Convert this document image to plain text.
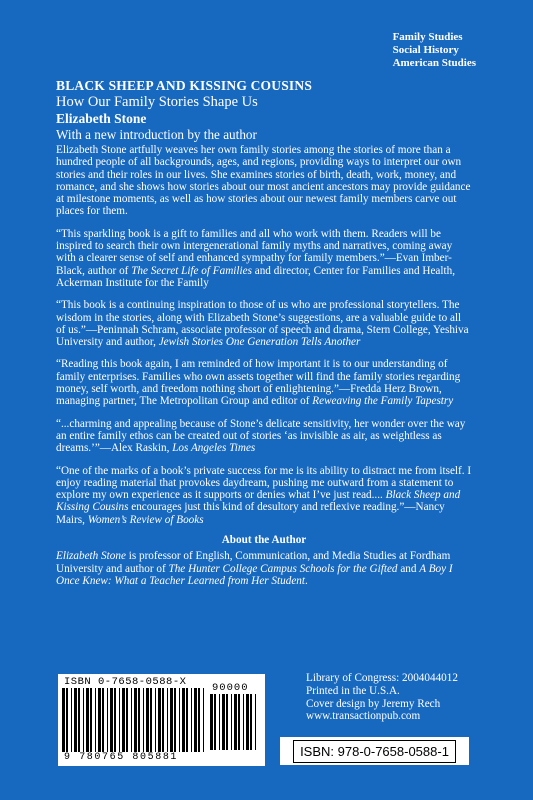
Family Studies
Social History
American Studies
BLACK SHEEP AND KISSING COUSINS
How Our Family Stories Shape Us
Elizabeth Stone
With a new introduction by the author

Elizabeth Stone artfully weaves her own family stories among the stories of more than a hundred people of all backgrounds, ages, and regions, providing ways to interpret our own stories and their roles in our lives. She examines stories of birth, death, work, money, and romance, and she shows how stories about our most ancient ancestors may provide guidance at milestone moments, as well as how stories about our newest family members carve out places for them.

“This sparkling book is a gift to families and all who work with them. Readers will be inspired to search their own intergenerational family myths and narratives, coming away with a clearer sense of self and enhanced sympathy for family members.”—Evan Imber-Black, author of The Secret Life of Families and director, Center for Families and Health, Ackerman Institute for the Family

“This book is a continuing inspiration to those of us who are professional storytellers. The wisdom in the stories, along with Elizabeth Stone’s suggestions, are a valuable guide to all of us.”—Peninnah Schram, associate professor of speech and drama, Stern College, Yeshiva University and author, Jewish Stories One Generation Tells Another

“Reading this book again, I am reminded of how important it is to our understanding of family enterprises. Families who own assets together will find the family stories regarding money, self worth, and freedom nothing short of enlightening.”—Fredda Herz Brown, managing partner, The Metropolitan Group and editor of Reweaving the Family Tapestry

“...charming and appealing because of Stone’s delicate sensitivity, her wonder over the way an entire family ethos can be created out of stories ‘as invisible as air, as weightless as dreams.’”—Alex Raskin, Los Angeles Times

“One of the marks of a book’s private success for me is its ability to distract me from itself. I enjoy reading material that provokes daydream, pushing me outward from a statement to explore my own experience as it supports or denies what I’ve just read.... Black Sheep and Kissing Cousins encourages just this kind of desultory and reflexive reading.”—Nancy Mairs, Women’s Review of Books

About the Author

Elizabeth Stone is professor of English, Communication, and Media Studies at Fordham University and author of The Hunter College Campus Schools for the Gifted and A Boy I Once Knew: What a Teacher Learned from Her Student.

ISBN 0-7658-0588-X
9 780765 805881
90000
Library of Congress: 2004044012
Printed in the U.S.A.
Cover design by Jeremy Rech
www.transactionpub.com
ISBN: 978-0-7658-0588-1
